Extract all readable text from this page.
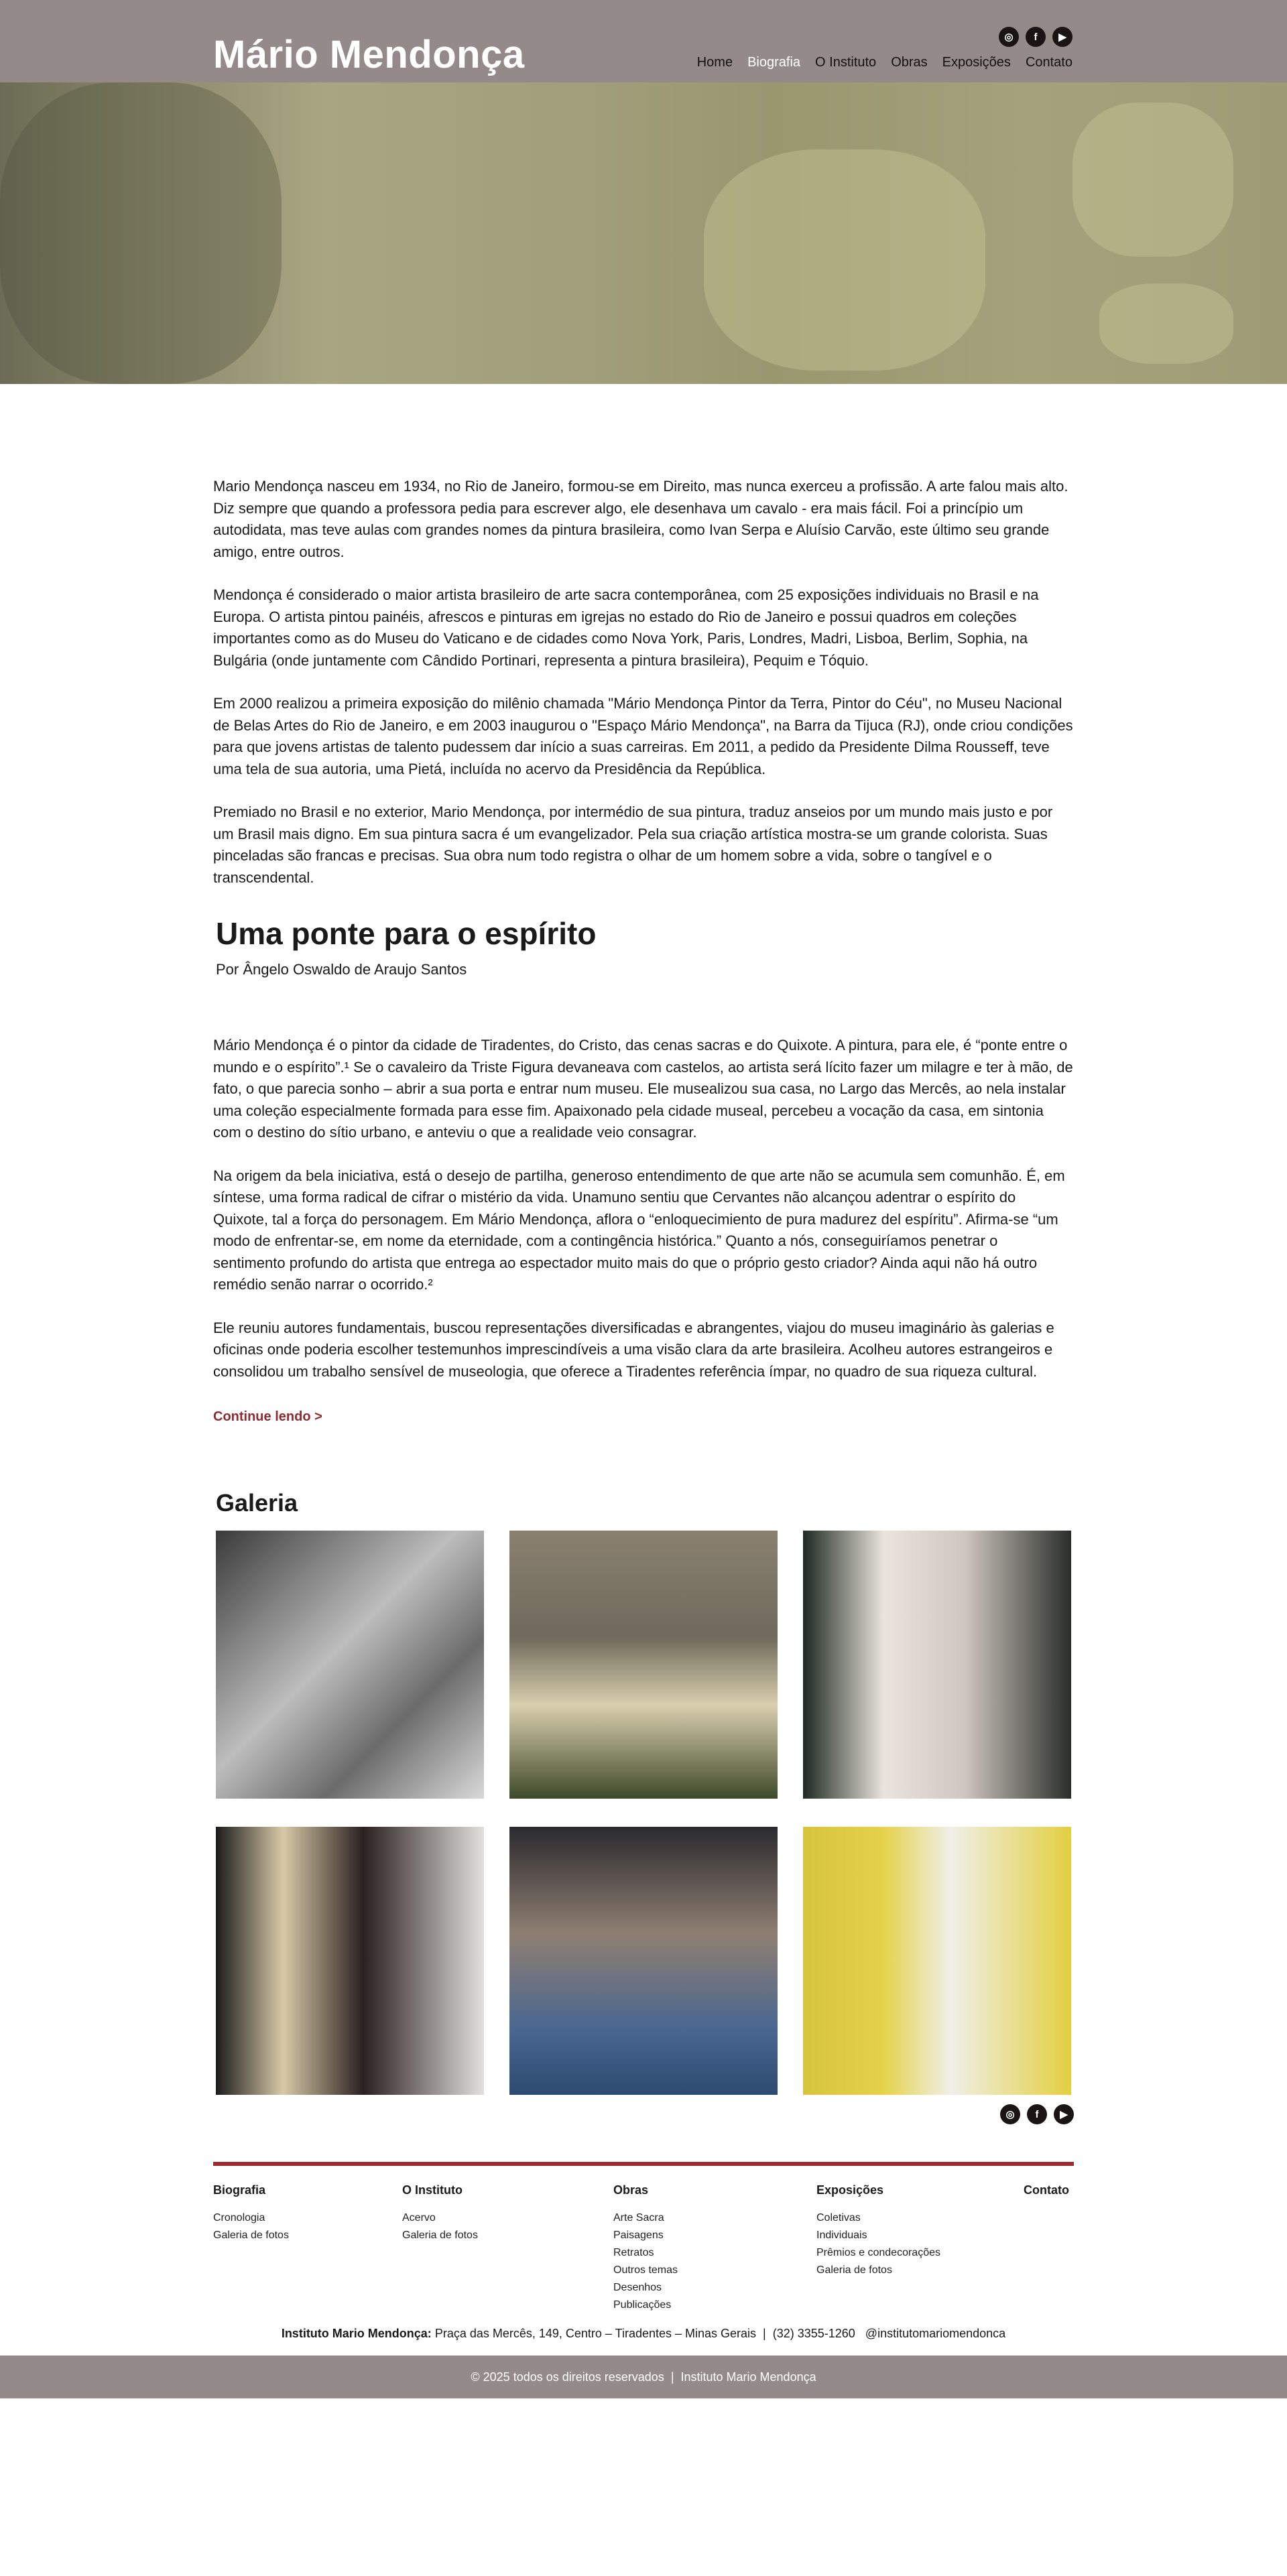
Mário Mendonça	◎	f	▶
Home Biografia O Instituto Obras Exposições Contato

Mario Mendonça nasceu em 1934, no Rio de Janeiro, formou-se em Direito, mas nunca exerceu a profissão. A arte falou mais alto. Diz sempre que quando a professora pedia para escrever algo, ele desenhava um cavalo - era mais fácil. Foi a princípio um autodidata, mas teve aulas com grandes nomes da pintura brasileira, como Ivan Serpa e Aluísio Carvão, este último seu grande amigo, entre outros.

Mendonça é considerado o maior artista brasileiro de arte sacra contemporânea, com 25 exposições individuais no Brasil e na Europa. O artista pintou painéis, afrescos e pinturas em igrejas no estado do Rio de Janeiro e possui quadros em coleções importantes como as do Museu do Vaticano e de cidades como Nova York, Paris, Londres, Madri, Lisboa, Berlim, Sophia, na Bulgária (onde juntamente com Cândido Portinari, representa a pintura brasileira), Pequim e Tóquio.

Em 2000 realizou a primeira exposição do milênio chamada "Mário Mendonça Pintor da Terra, Pintor do Céu", no Museu Nacional de Belas Artes do Rio de Janeiro, e em 2003 inaugurou o "Espaço Mário Mendonça", na Barra da Tijuca (RJ), onde criou condições para que jovens artistas de talento pudessem dar início a suas carreiras. Em 2011, a pedido da Presidente Dilma Rousseff, teve uma tela de sua autoria, uma Pietá, incluída no acervo da Presidência da República.

Premiado no Brasil e no exterior, Mario Mendonça, por intermédio de sua pintura, traduz anseios por um mundo mais justo e por um Brasil mais digno. Em sua pintura sacra é um evangelizador. Pela sua criação artística mostra-se um grande colorista. Suas pinceladas são francas e precisas. Sua obra num todo registra o olhar de um homem sobre a vida, sobre o tangível e o transcendental.

Uma ponte para o espírito
Por Ângelo Oswaldo de Araujo Santos

Mário Mendonça é o pintor da cidade de Tiradentes, do Cristo, das cenas sacras e do Quixote. A pintura, para ele, é “ponte entre o mundo e o espírito”.¹ Se o cavaleiro da Triste Figura devaneava com castelos, ao artista será lícito fazer um milagre e ter à mão, de fato, o que parecia sonho – abrir a sua porta e entrar num museu. Ele musealizou sua casa, no Largo das Mercês, ao nela instalar uma coleção especialmente formada para esse fim. Apaixonado pela cidade museal, percebeu a vocação da casa, em sintonia com o destino do sítio urbano, e anteviu o que a realidade veio consagrar.

Na origem da bela iniciativa, está o desejo de partilha, generoso entendimento de que arte não se acumula sem comunhão. É, em síntese, uma forma radical de cifrar o mistério da vida. Unamuno sentiu que Cervantes não alcançou adentrar o espírito do Quixote, tal a força do personagem. Em Mário Mendonça, aflora o “enloquecimiento de pura madurez del espíritu”. Afirma-se “um modo de enfrentar-se, em nome da eternidade, com a contingência histórica.” Quanto a nós, conseguiríamos penetrar o sentimento profundo do artista que entrega ao espectador muito mais do que o próprio gesto criador? Ainda aqui não há outro remédio senão narrar o ocorrido.²

Ele reuniu autores fundamentais, buscou representações diversificadas e abrangentes, viajou do museu imaginário às galerias e oficinas onde poderia escolher testemunhos imprescindíveis a uma visão clara da arte brasileira. Acolheu autores estrangeiros e consolidou um trabalho sensível de museologia, que oferece a Tiradentes referência ímpar, no quadro de sua riqueza cultural.

Continue lendo >
Galeria
◎	f	▶
Biografia
Cronologia
Galeria de fotos
O Instituto
Acervo
Galeria de fotos
Obras
Arte Sacra
Paisagens
Retratos
Outros temas
Desenhos
Publicações
Exposições
Coletivas
Individuais
Prêmios e condecorações
Galeria de fotos
Contato
Instituto Mario Mendonça: Praça das Mercês, 149, Centro – Tiradentes – Minas Gerais  |  (32) 3355-1260   @institutomariomendonca
© 2025 todos os direitos reservados  |  Instituto Mario Mendonça
